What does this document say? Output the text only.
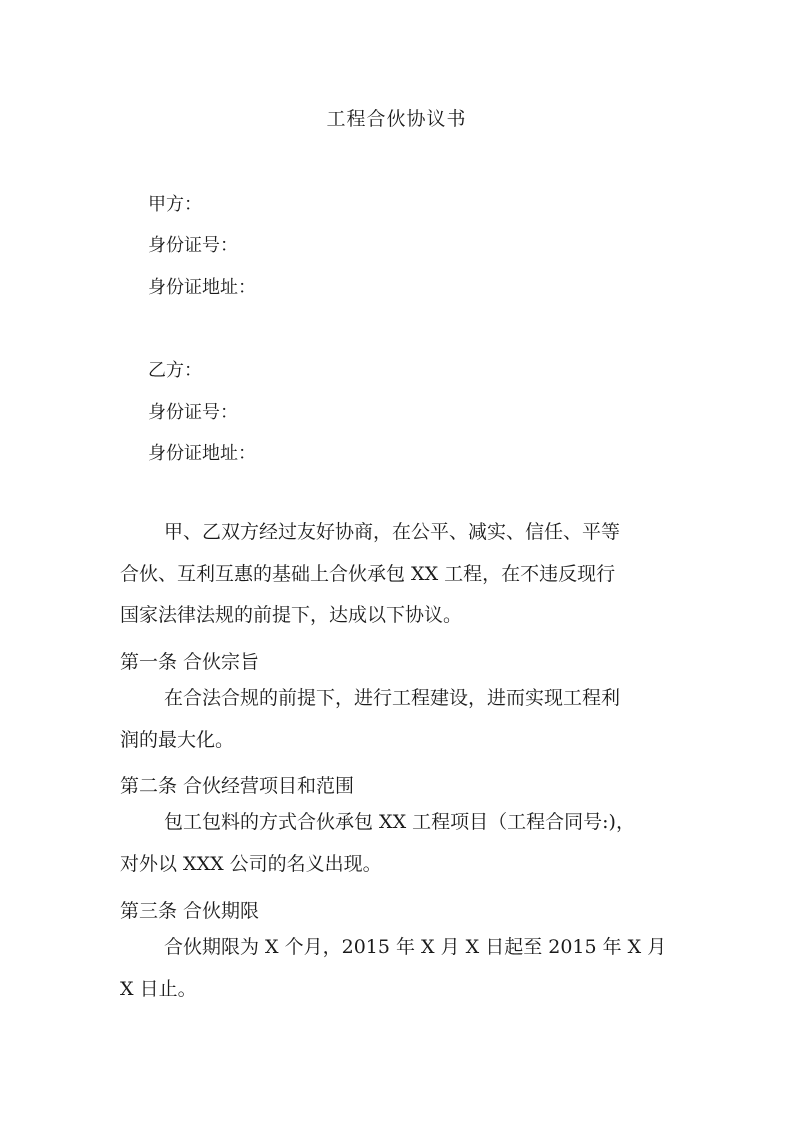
工程合伙协议书
甲方：
身份证号：
身份证地址：
乙方：
身份证号：
身份证地址：
甲、乙双方经过友好协商，在公平、减实、信任、平等
合伙、互利互惠的基础上合伙承包 XX 工程，在不违反现行
国家法律法规的前提下，达成以下协议。
第一条 合伙宗旨
在合法合规的前提下，进行工程建设，进而实现工程利
润的最大化。
第二条 合伙经营项目和范围
包工包料的方式合伙承包 XX 工程项目（工程合同号:)，
对外以 XXX 公司的名义出现。
第三条 合伙期限
合伙期限为 X 个月，2015 年 X 月 X 日起至 2015 年 X 月
X 日止。
